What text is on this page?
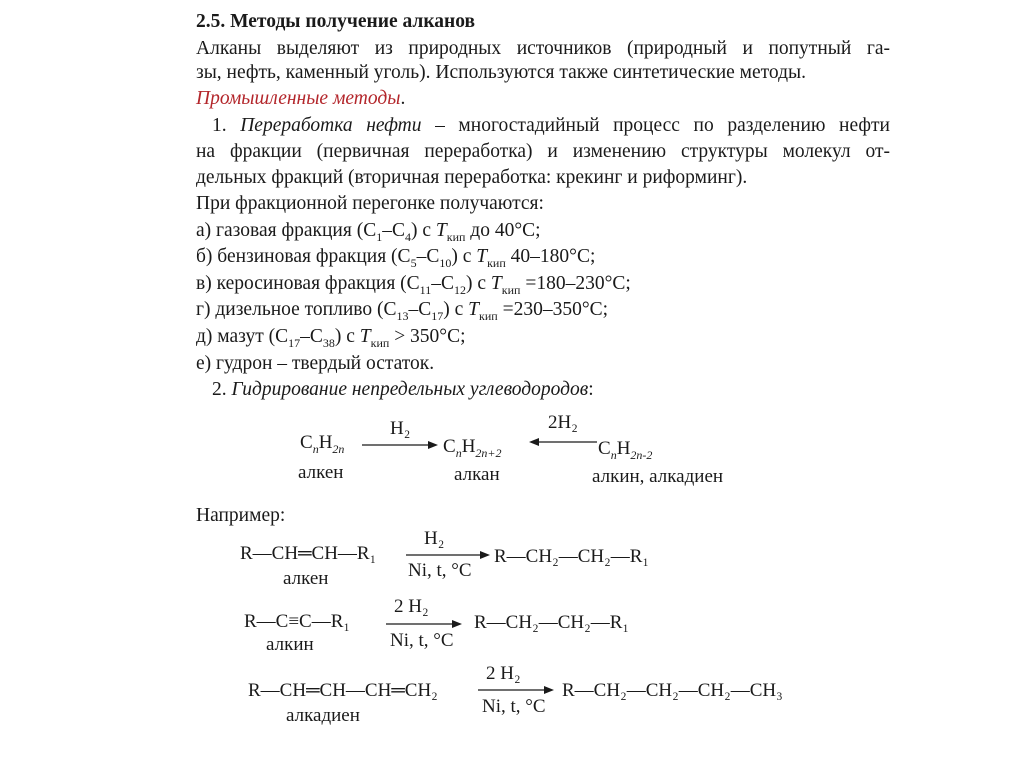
2.5. Методы получение алканов
Алканы выделяют из природных источников (природный и попутный га-
зы, нефть, каменный уголь). Используются также синтетические методы.
Промышленные методы.
1. Переработка нефти – многостадийный процесс по разделению нефти
на фракции (первичная переработка) и изменению структуры молекул от-
дельных фракций (вторичная переработка: крекинг и риформинг).
При фракционной перегонке получаются:
а) газовая фракция $(C_1-C_4)$ с $T_{кип}$ до 40°C;
б) бензиновая фракция $(C_5-C_{10})$ с $T_{кип}$ 40–180°C;
в) керосиновая фракция $(C_{11}-C_{12})$ с $T_{кип} =180-230^\circ C$;
г) дизельное топливо $(C_{13}-C_{17})$ с $T_{кип} =230-350^\circ C$;
д) мазут $(C_{17}-C_{38})$ с $T_{кип} > 350^\circ C$;
е) гудрон – твердый остаток.
2. Гидрирование непредельных углеводородов:
$C_nH_{2n}$
H₂
$C_nH_{2n+2}$
2H₂
$C_nH_{2n-2}$
алкен	алкан	алкин, алкадиен
Например:
R—CH═CH—R₁
алкен
H₂
Ni, t, °C
R—CH₂—CH₂—R₁
R—C≡C—R₁
алкин
2 H₂
Ni, t, °C
R—CH₂—CH₂—R₁
R—CH═CH—CH═CH₂
алкадиен
2 H₂
Ni, t, °C
R—CH₂—CH₂—CH₂—CH₃
